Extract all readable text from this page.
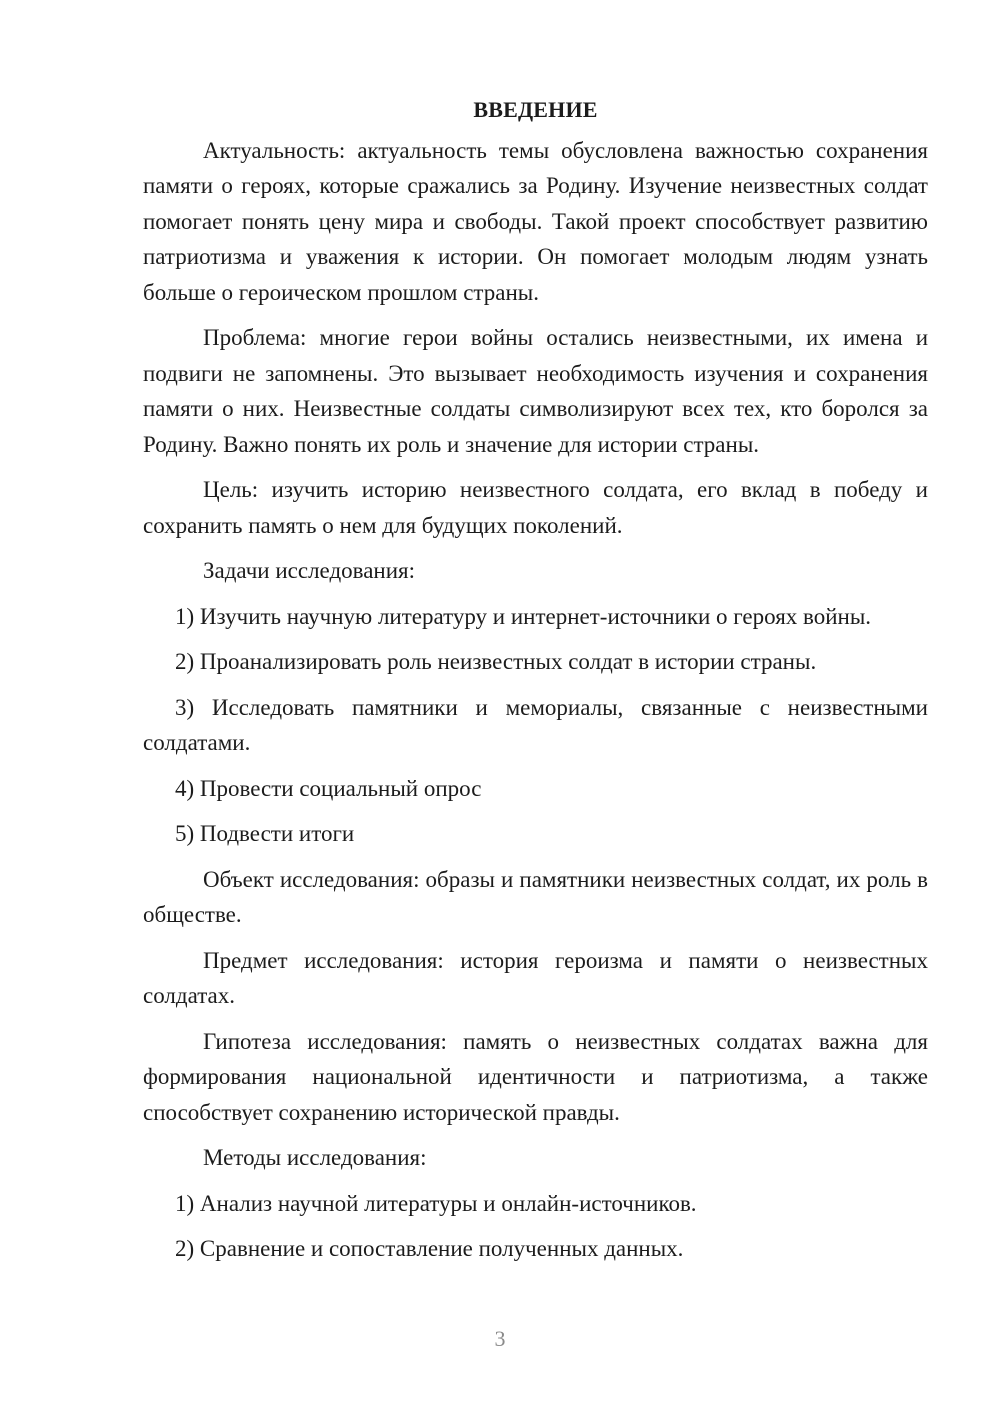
ВВЕДЕНИЕ

Актуальность: актуальность темы обусловлена важностью сохранения памяти о героях, которые сражались за Родину. Изучение неизвестных солдат помогает понять цену мира и свободы. Такой проект способствует развитию патриотизма и уважения к истории. Он помогает молодым людям узнать больше о героическом прошлом страны.

Проблема: многие герои войны остались неизвестными, их имена и подвиги не запомнены. Это вызывает необходимость изучения и сохранения памяти о них. Неизвестные солдаты символизируют всех тех, кто боролся за Родину. Важно понять их роль и значение для истории страны.

Цель: изучить историю неизвестного солдата, его вклад в победу и сохранить память о нем для будущих поколений.

Задачи исследования:

1) Изучить научную литературу и интернет-источники о героях войны.

2) Проанализировать роль неизвестных солдат в истории страны.

3) Исследовать памятники и мемориалы, связанные с неизвестными солдатами.

4) Провести социальный опрос

5) Подвести итоги

Объект исследования: образы и памятники неизвестных солдат, их роль в обществе.

Предмет исследования: история героизма и памяти о неизвестных солдатах.

Гипотеза исследования: память о неизвестных солдатах важна для формирования национальной идентичности и патриотизма, а также способствует сохранению исторической правды.

Методы исследования:

1) Анализ научной литературы и онлайн-источников.

2) Сравнение и сопоставление полученных данных.

3
